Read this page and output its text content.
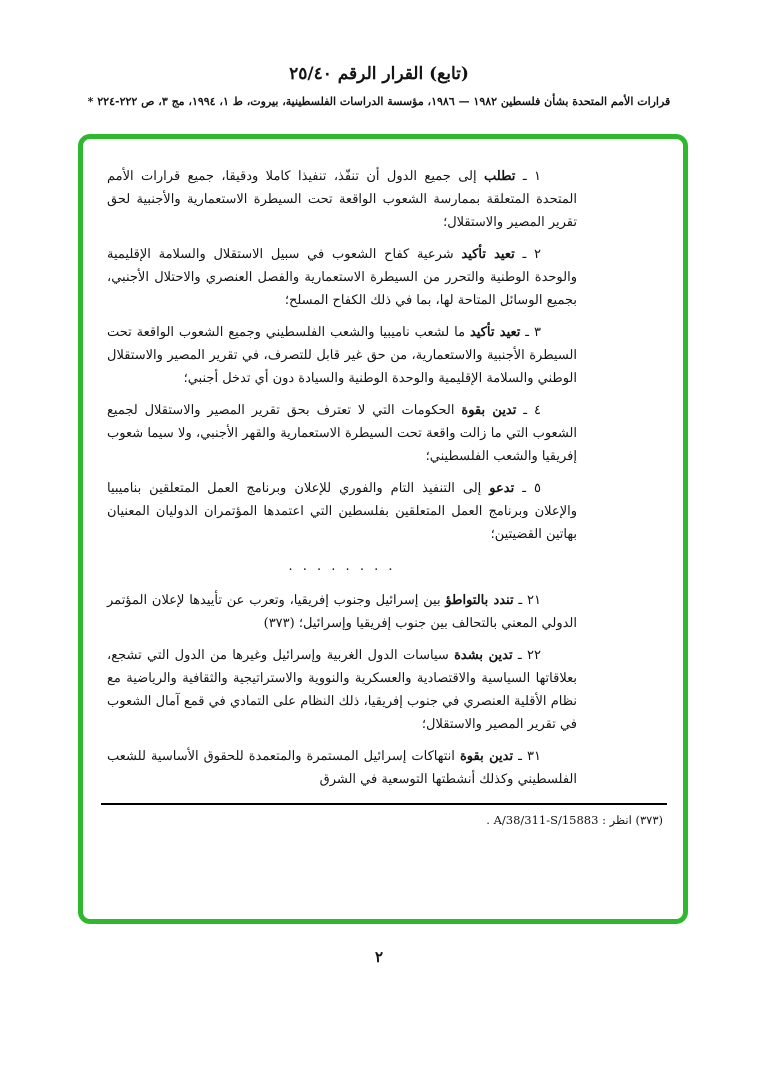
(تابع) القرار الرقم ٢٥/٤٠
قرارات الأمم المتحدة بشأن فلسطين ١٩٨٢ — ١٩٨٦، مؤسسة الدراسات الفلسطينية، بيروت، ط ١، ١٩٩٤، مج ٣، ص ٢٢٢-٢٢٤ *

١ ـ تطلب إلى جميع الدول أن تنفّذ، تنفيذا كاملا ودقيقا، جميع قرارات الأمم المتحدة المتعلقة بممارسة الشعوب الواقعة تحت السيطرة الاستعمارية والأجنبية لحق تقرير المصير والاستقلال؛

٢ ـ تعيد تأكيد شرعية كفاح الشعوب في سبيل الاستقلال والسلامة الإقليمية والوحدة الوطنية والتحرر من السيطرة الاستعمارية والفصل العنصري والاحتلال الأجنبي، بجميع الوسائل المتاحة لها، بما في ذلك الكفاح المسلح؛

٣ ـ تعيد تأكيد ما لشعب ناميبيا والشعب الفلسطيني وجميع الشعوب الواقعة تحت السيطرة الأجنبية والاستعمارية، من حق غير قابل للتصرف، في تقرير المصير والاستقلال الوطني والسلامة الإقليمية والوحدة الوطنية والسيادة دون أي تدخل أجنبي؛

٤ ـ تدين بقوة الحكومات التي لا تعترف بحق تقرير المصير والاستقلال لجميع الشعوب التي ما زالت واقعة تحت السيطرة الاستعمارية والقهر الأجنبي، ولا سيما شعوب إفريقيا والشعب الفلسطيني؛

٥ ـ تدعو إلى التنفيذ التام والفوري للإعلان وبرنامج العمل المتعلقين بناميبيا والإعلان وبرنامج العمل المتعلقين بفلسطين التي اعتمدها المؤتمران الدوليان المعنيان بهاتين القضيتين؛

. . . . . . . .

٢١ ـ تندد بالتواطؤ بين إسرائيل وجنوب إفريقيا، وتعرب عن تأييدها لإعلان المؤتمر الدولي المعني بالتحالف بين جنوب إفريقيا وإسرائيل؛ (٣٧٣)

٢٢ ـ تدين بشدة سياسات الدول الغربية وإسرائيل وغيرها من الدول التي تشجع، بعلاقاتها السياسية والاقتصادية والعسكرية والنووية والاستراتيجية والثقافية والرياضية مع نظام الأقلية العنصري في جنوب إفريقيا، ذلك النظام على التمادي في قمع آمال الشعوب في تقرير المصير والاستقلال؛

٣١ ـ تدين بقوة انتهاكات إسرائيل المستمرة والمتعمدة للحقوق الأساسية للشعب الفلسطيني وكذلك أنشطتها التوسعية في الشرق

(٣٧٣) انظر : A/38/311-S/15883 .
٢
